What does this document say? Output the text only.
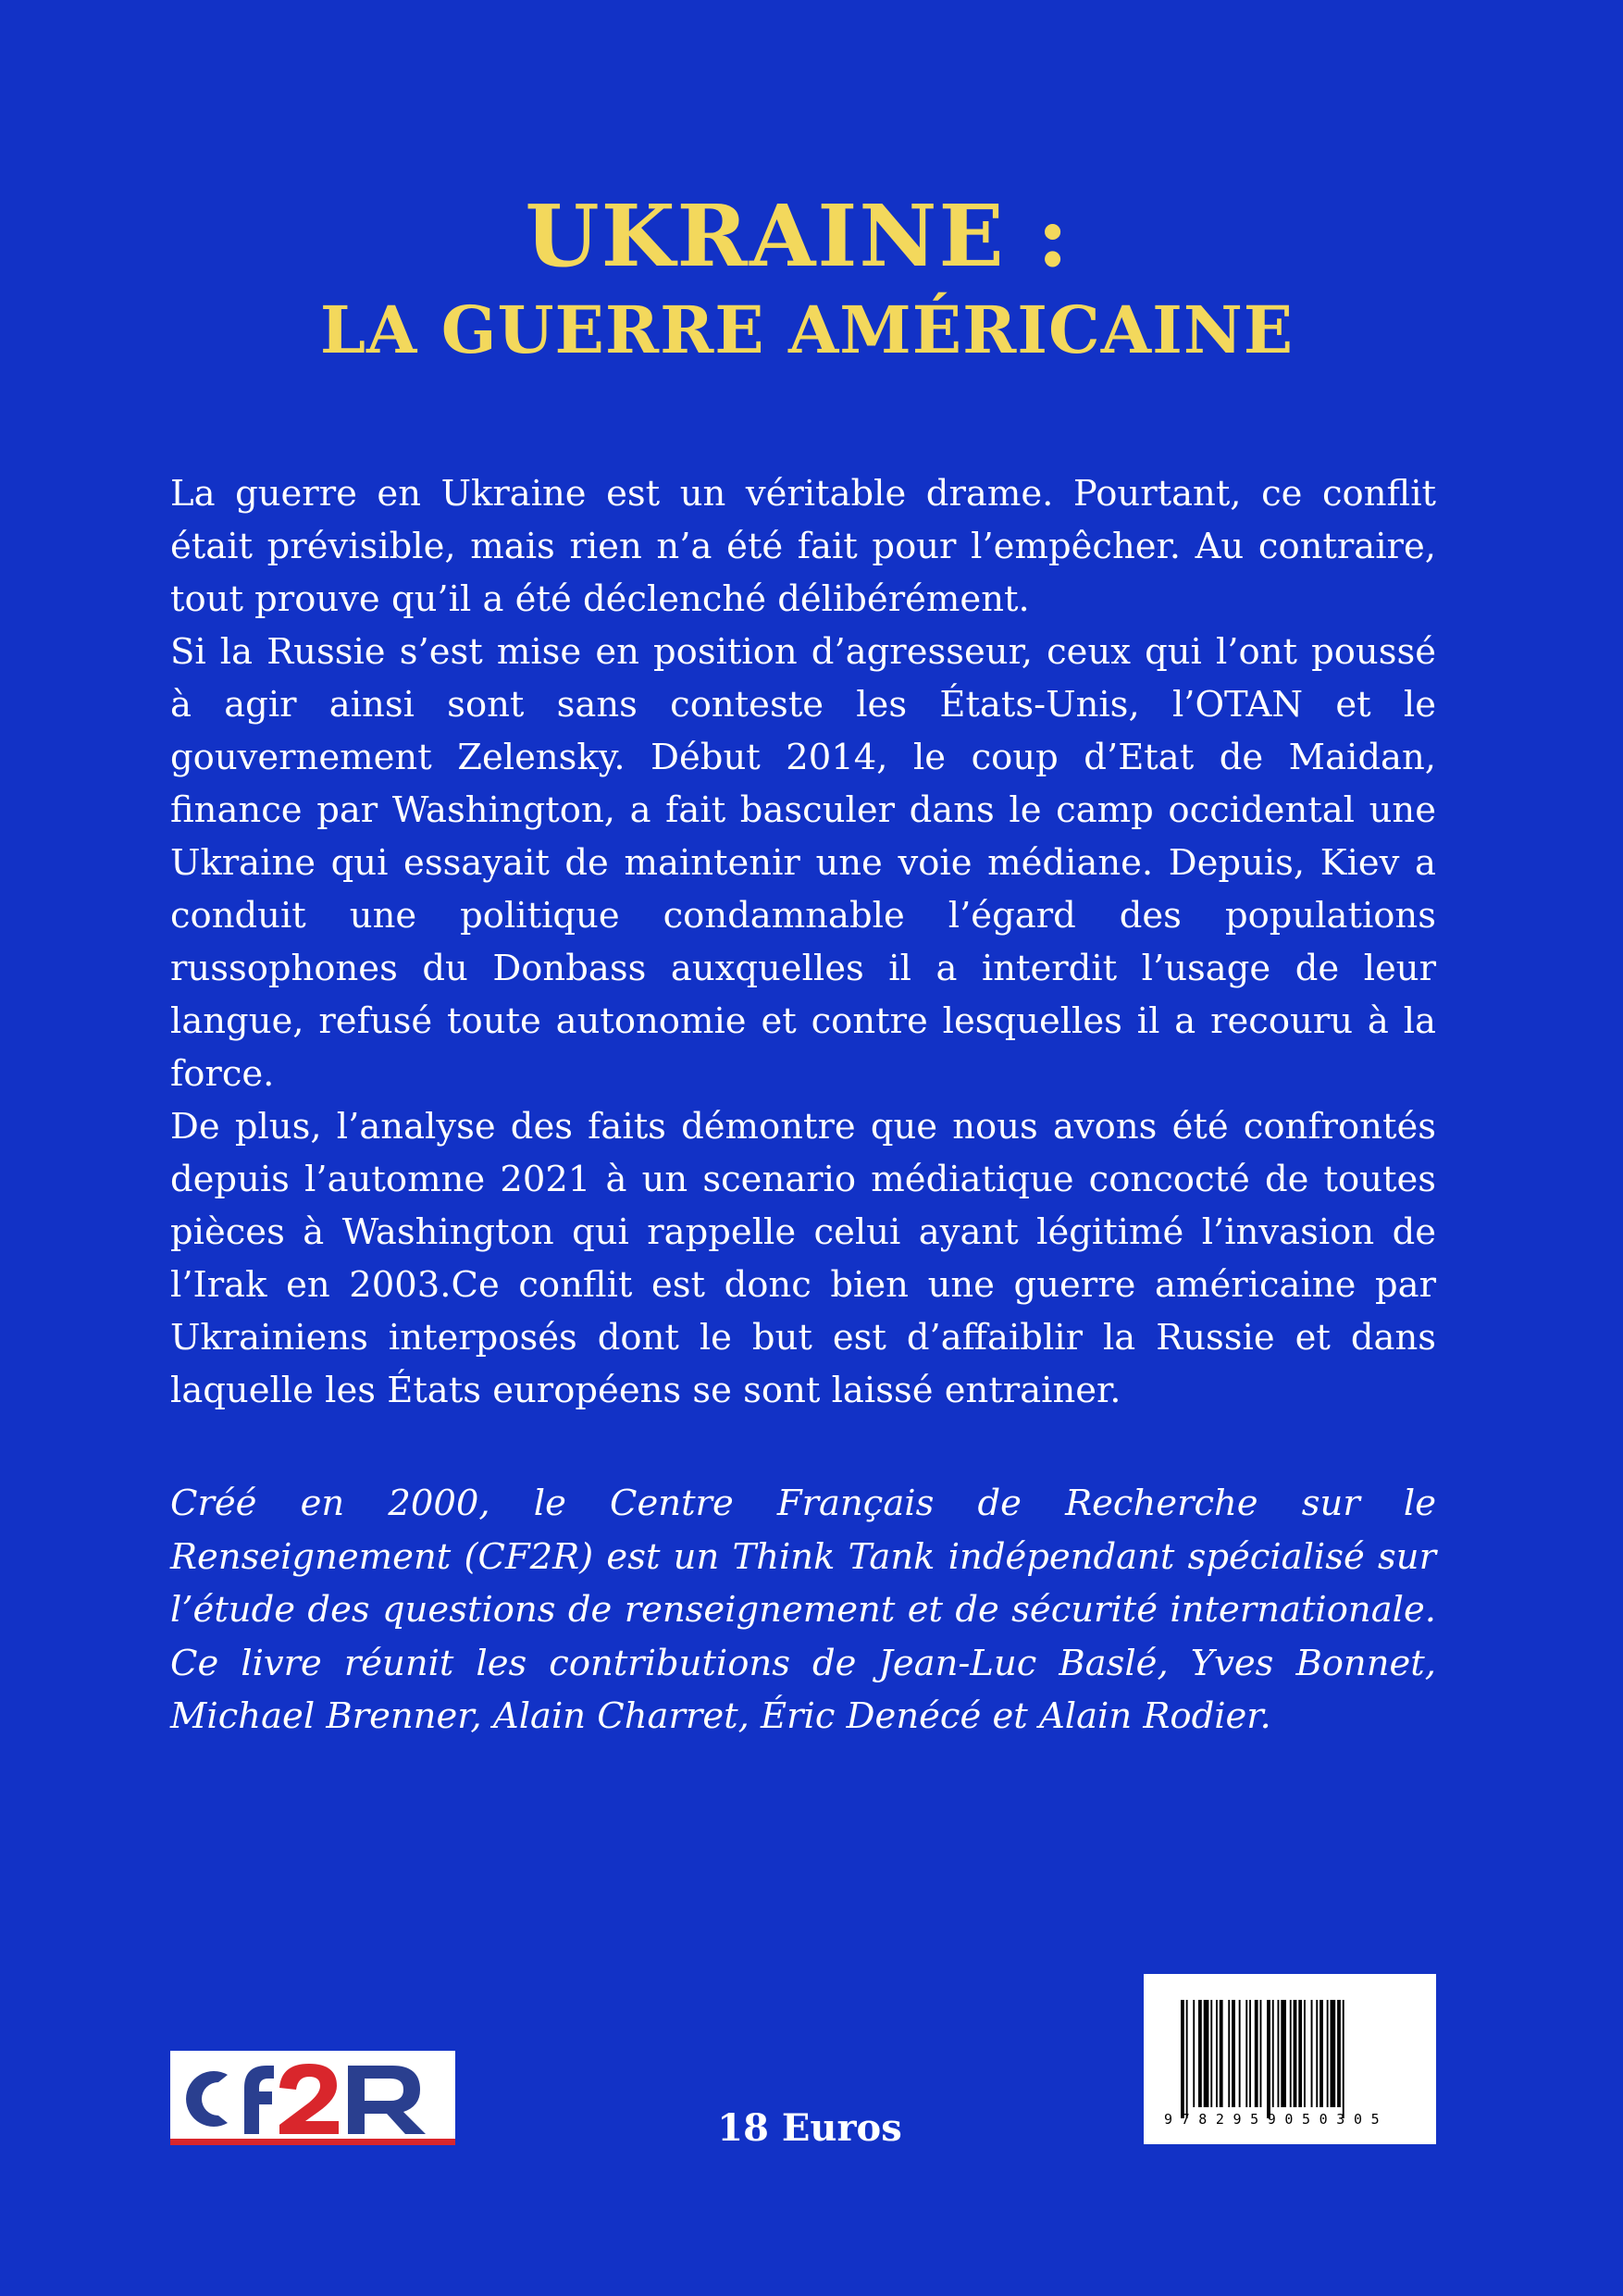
UKRAINE :
LA GUERRE AMÉRICAINE

La guerre en Ukraine est un véritable drame. Pourtant, ce conflit était prévisible, mais rien n’a été fait pour l’empêcher. Au contraire, tout prouve qu’il a été déclenché délibérément.

Si la Russie s’est mise en position d’agresseur, ceux qui l’ont poussé à agir ainsi sont sans conteste les États-Unis, l’OTAN et le gouvernement Zelensky. Début 2014, le coup d’Etat de Maidan, finance par Washington, a fait basculer dans le camp occidental une Ukraine qui essayait de maintenir une voie médiane. Depuis, Kiev a conduit une politique condamnable l’égard des populations russophones du Donbass auxquelles il a interdit l’usage de leur langue, refusé toute autonomie et contre lesquelles il a recouru à la force.

De plus, l’analyse des faits démontre que nous avons été confrontés depuis l’automne 2021 à un scenario médiatique concocté de toutes pièces à Washington qui rappelle celui ayant légitimé l’invasion de l’Irak en 2003.Ce conflit est donc bien une guerre américaine par Ukrainiens interposés dont le but est d’affaiblir la Russie et dans laquelle les États européens se sont laissé entrainer.

Créé en 2000, le Centre Français de Recherche sur le Renseignement (CF2R) est un Think Tank indépendant spécialisé sur l’étude des questions de renseignement et de sécurité internationale. Ce livre réunit les contributions de Jean-Luc Baslé, Yves Bonnet, Michael Brenner, Alain Charret, Éric Denécé et Alain Rodier.
18 Euros	9782959050305
